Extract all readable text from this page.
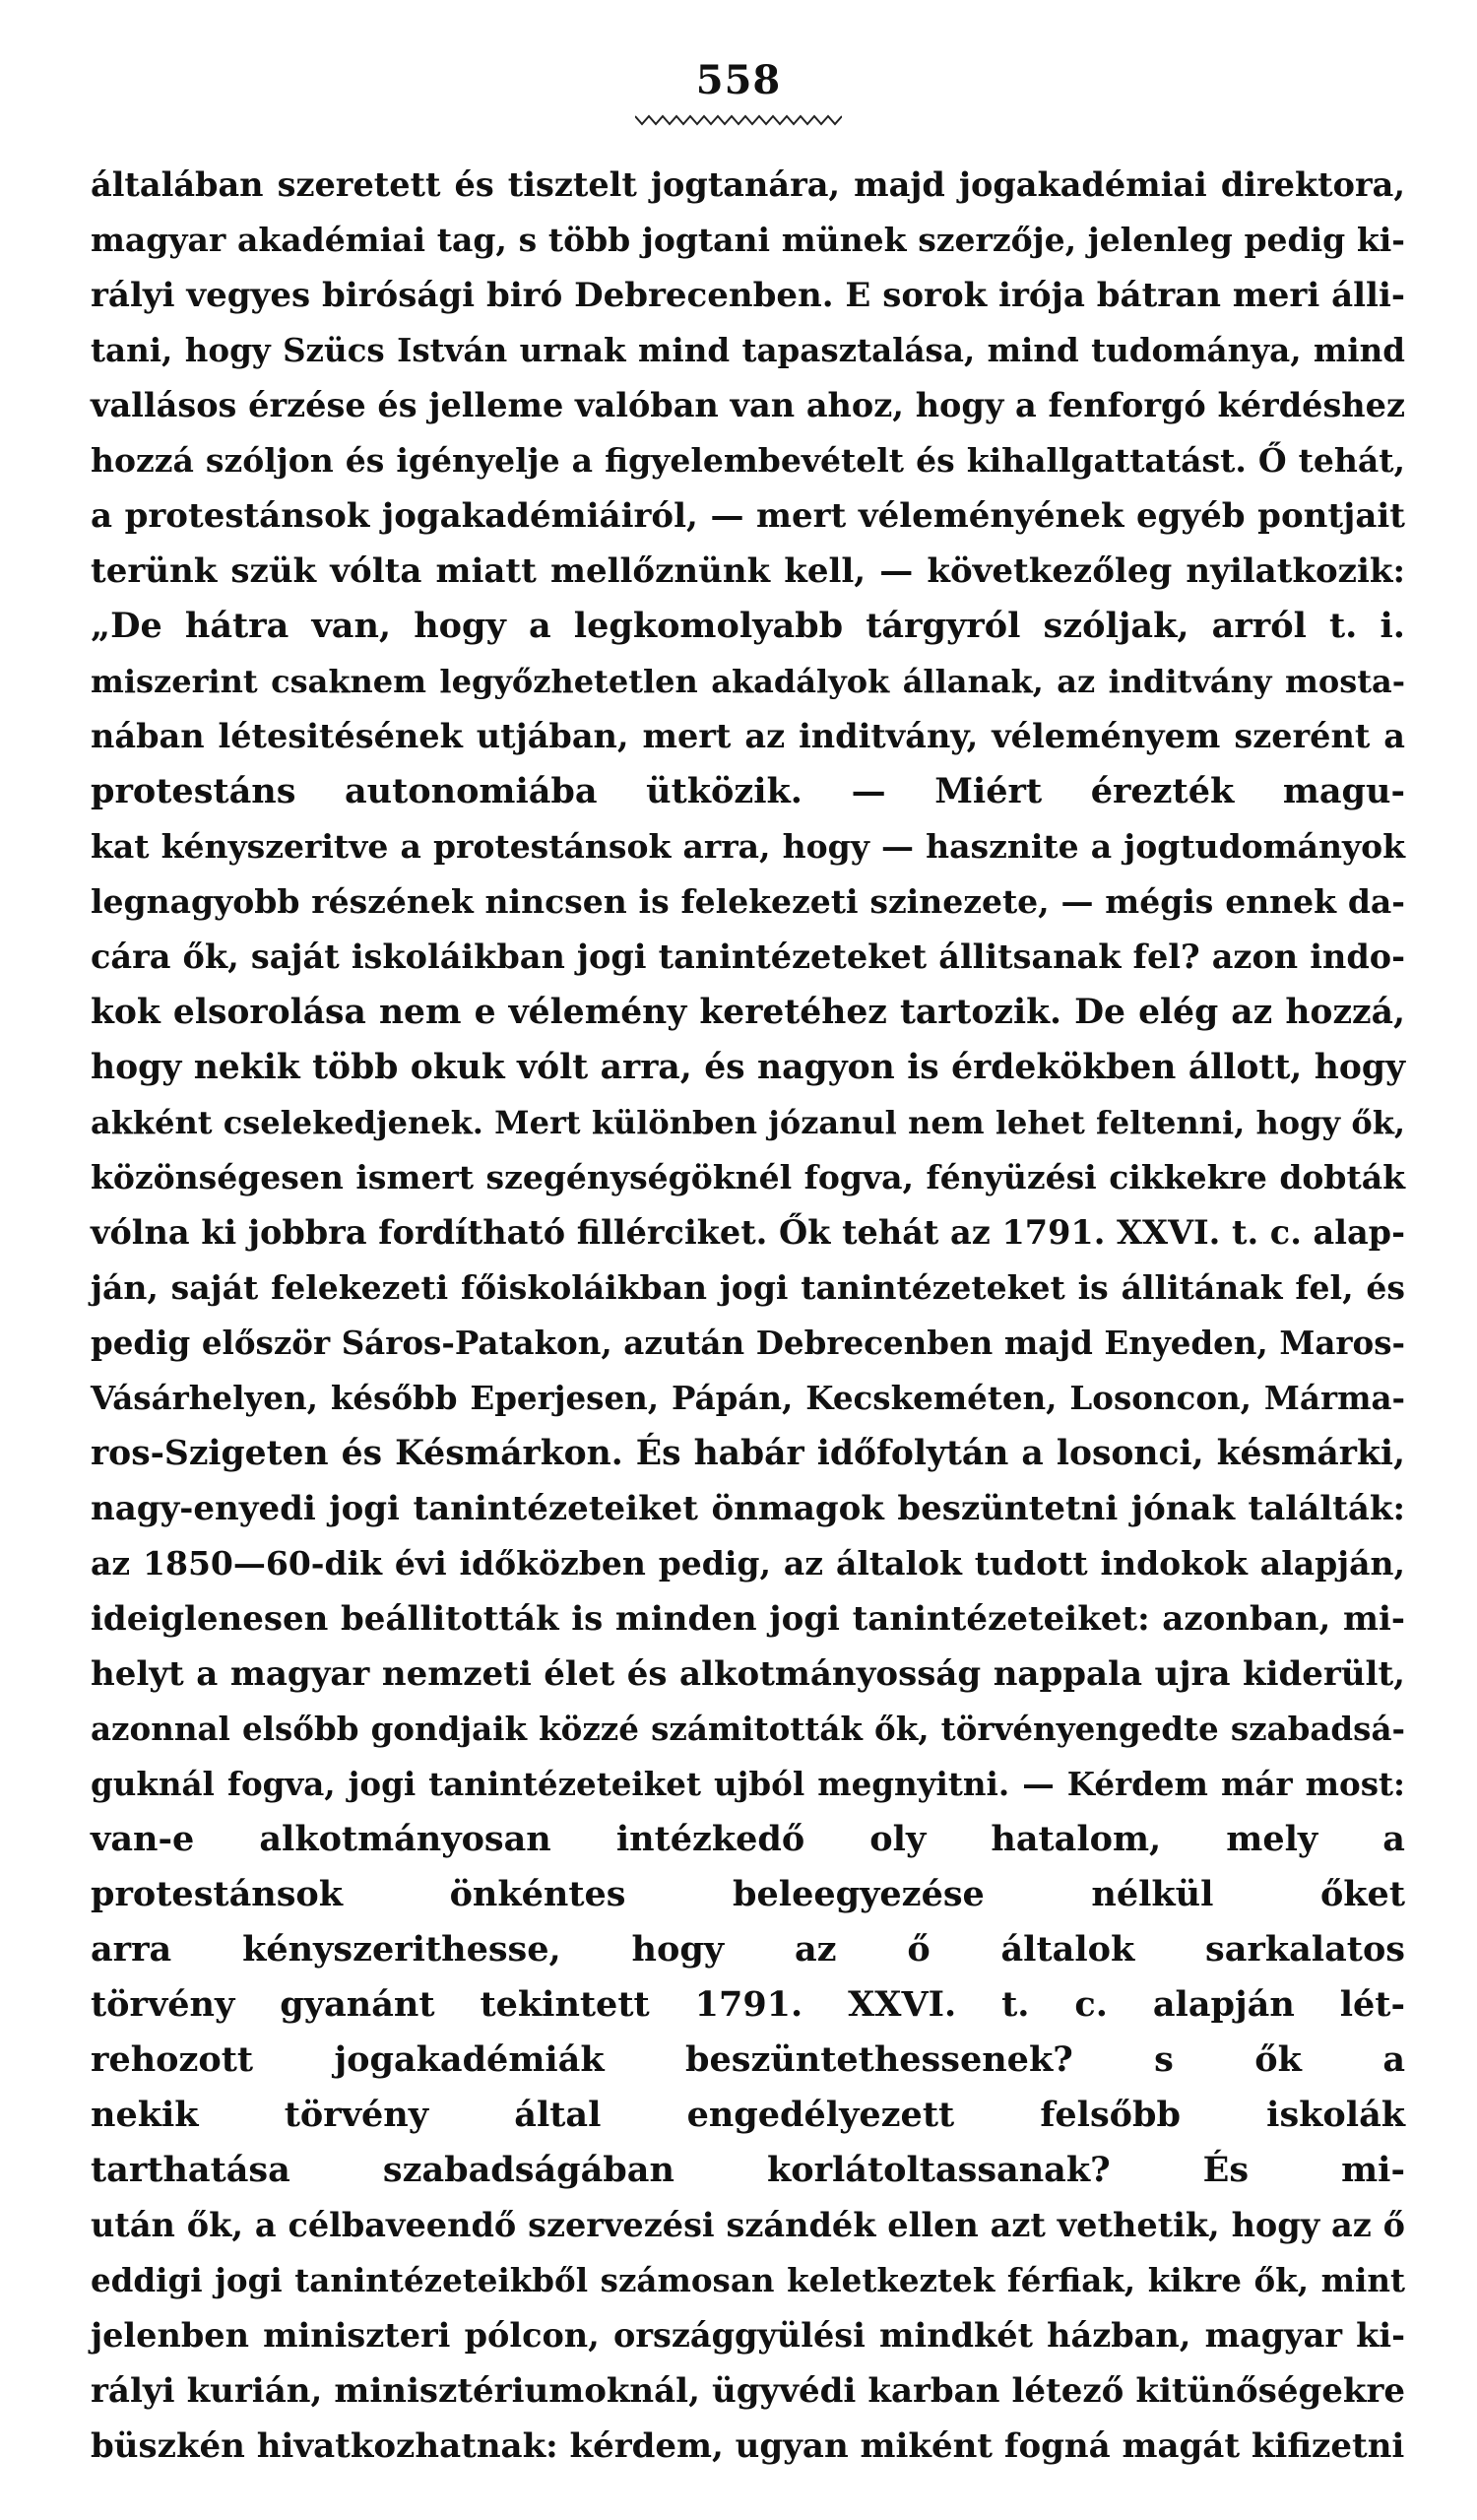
558
általában szeretett és tisztelt jogtanára, majd jogakadémiai direktora,
magyar akadémiai tag, s több jogtani münek szerzője, jelenleg pedig ki-
rályi vegyes birósági biró Debrecenben. E sorok irója bátran meri álli-
tani, hogy Szücs István urnak mind tapasztalása, mind tudománya, mind
vallásos érzése és jelleme valóban van ahoz, hogy a fenforgó kérdéshez
hozzá szóljon és igényelje a figyelembevételt és kihallgattatást. Ő tehát,
a protestánsok jogakadémiáiról, — mert véleményének egyéb pontjait
terünk szük vólta miatt mellőznünk kell, — következőleg nyilatkozik:
„De hátra van, hogy a legkomolyabb tárgyról szóljak, arról t. i.
miszerint csaknem legyőzhetetlen akadályok állanak, az inditvány mosta-
nában létesitésének utjában, mert az inditvány, véleményem szerént a
protestáns autonomiába ütközik. — Miért érezték magu-
kat kényszeritve a protestánsok arra, hogy — hasznite a jogtudományok
legnagyobb részének nincsen is felekezeti szinezete, — mégis ennek da-
cára ők, saját iskoláikban jogi tanintézeteket állitsanak fel? azon indo-
kok elsorolása nem e vélemény keretéhez tartozik. De elég az hozzá,
hogy nekik több okuk vólt arra, és nagyon is érdekökben állott, hogy
akként cselekedjenek. Mert különben józanul nem lehet feltenni, hogy ők,
közönségesen ismert szegénységöknél fogva, fényüzési cikkekre dobták
vólna ki jobbra fordítható fillérciket. Ők tehát az 1791. XXVI. t. c. alap-
ján, saját felekezeti főiskoláikban jogi tanintézeteket is állitának fel, és
pedig először Sáros-Patakon, azután Debrecenben majd Enyeden, Maros-
Vásárhelyen, később Eperjesen, Pápán, Kecskeméten, Losoncon, Mármа-
ros-Szigeten és Késmárkon. És habár időfolytán a losonci, késmárki,
nagy-enyedi jogi tanintézeteiket önmagok beszüntetni jónak találták:
az 1850—60-dik évi időközben pedig, az általok tudott indokok alapján,
ideiglenesen beállitották is minden jogi tanintézeteiket: azonban, mi-
helyt a magyar nemzeti élet és alkotmányosság nappala ujra kiderült,
azonnal elsőbb gondjaik közzé számitották ők, törvényengedte szabadsá-
guknál fogva, jogi tanintézeteiket ujból megnyitni. — Kérdem már most:
van-e alkotmányosan intézkedő oly hatalom, mely a
protestánsok önkéntes beleegyezése nélkül őket
arra kényszerithesse, hogy az ő általok sarkalatos
törvény gyanánt tekintett 1791. XXVI. t. c. alapján lét-
rehozott jogakadémiák beszüntethessenek? s ők a
nekik törvény által engedélyezett felsőbb iskolák
tarthatása szabadságában korlátoltassanak? És mi-
után ők, a célbaveendő szervezési szándék ellen azt vethetik, hogy az ő
eddigi jogi tanintézeteikből számosan keletkeztek férfiak, kikre ők, mint
jelenben miniszteri pólcon, országgyülési mindkét házban, magyar ki-
rályi kurián, minisztériumoknál, ügyvédi karban létező kitünőségekre
büszkén hivatkozhatnak: kérdem, ugyan miként fogná magát kifizetni
